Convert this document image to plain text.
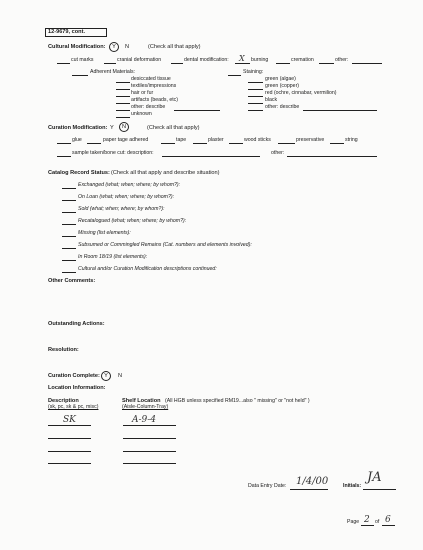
12-9679, cont.
Cultural Modification:	Y	N	(Check all that apply)
cut marks	cranial deformation	dental modification: X burning	cremation	other:
Adherent Materials:
desiccated tissue
textiles/impressions
hair or fur
artifacts (beads, etc)
other: describe
unknown
Staining:
green (algae)
green (copper)
red (ochre, cinnabar, vermilion)
black
other: describe
Curation Modification: Y	N	(Check all that apply)
glue	paper tage adhered	tape	plaster	wood sticks	preservative	string
sample taken/bone cut: description:	other:
Catalog Record Status: (Check all that apply and describe situation)
Exchanged (what; when; where; by whom?):
On Loan (what; when; where; by whom?):
Sold (what; when; where; by whom?):
Recatalogued (what; when; where; by whom?):
Missing (list elements):
Subsumed or Commingled Remains (Cat. numbers and elements involved):
In Room 18/19 (list elements):
Cultural and/or Curation Modification descriptions continued:
Other Comments:
Outstanding Actions:
Resolution:
Curation Complete: Y	N
Location Information:
Description
(sk, pc, sk & pc, misc)
Shelf Location (All HGB unless specified RM19...also " missing" or "not held" )
(Aisle-Column-Tray)
SK	A-9-4
Data Entry Date: 1/4/00	Initials:
JA
Page 2 of 6
